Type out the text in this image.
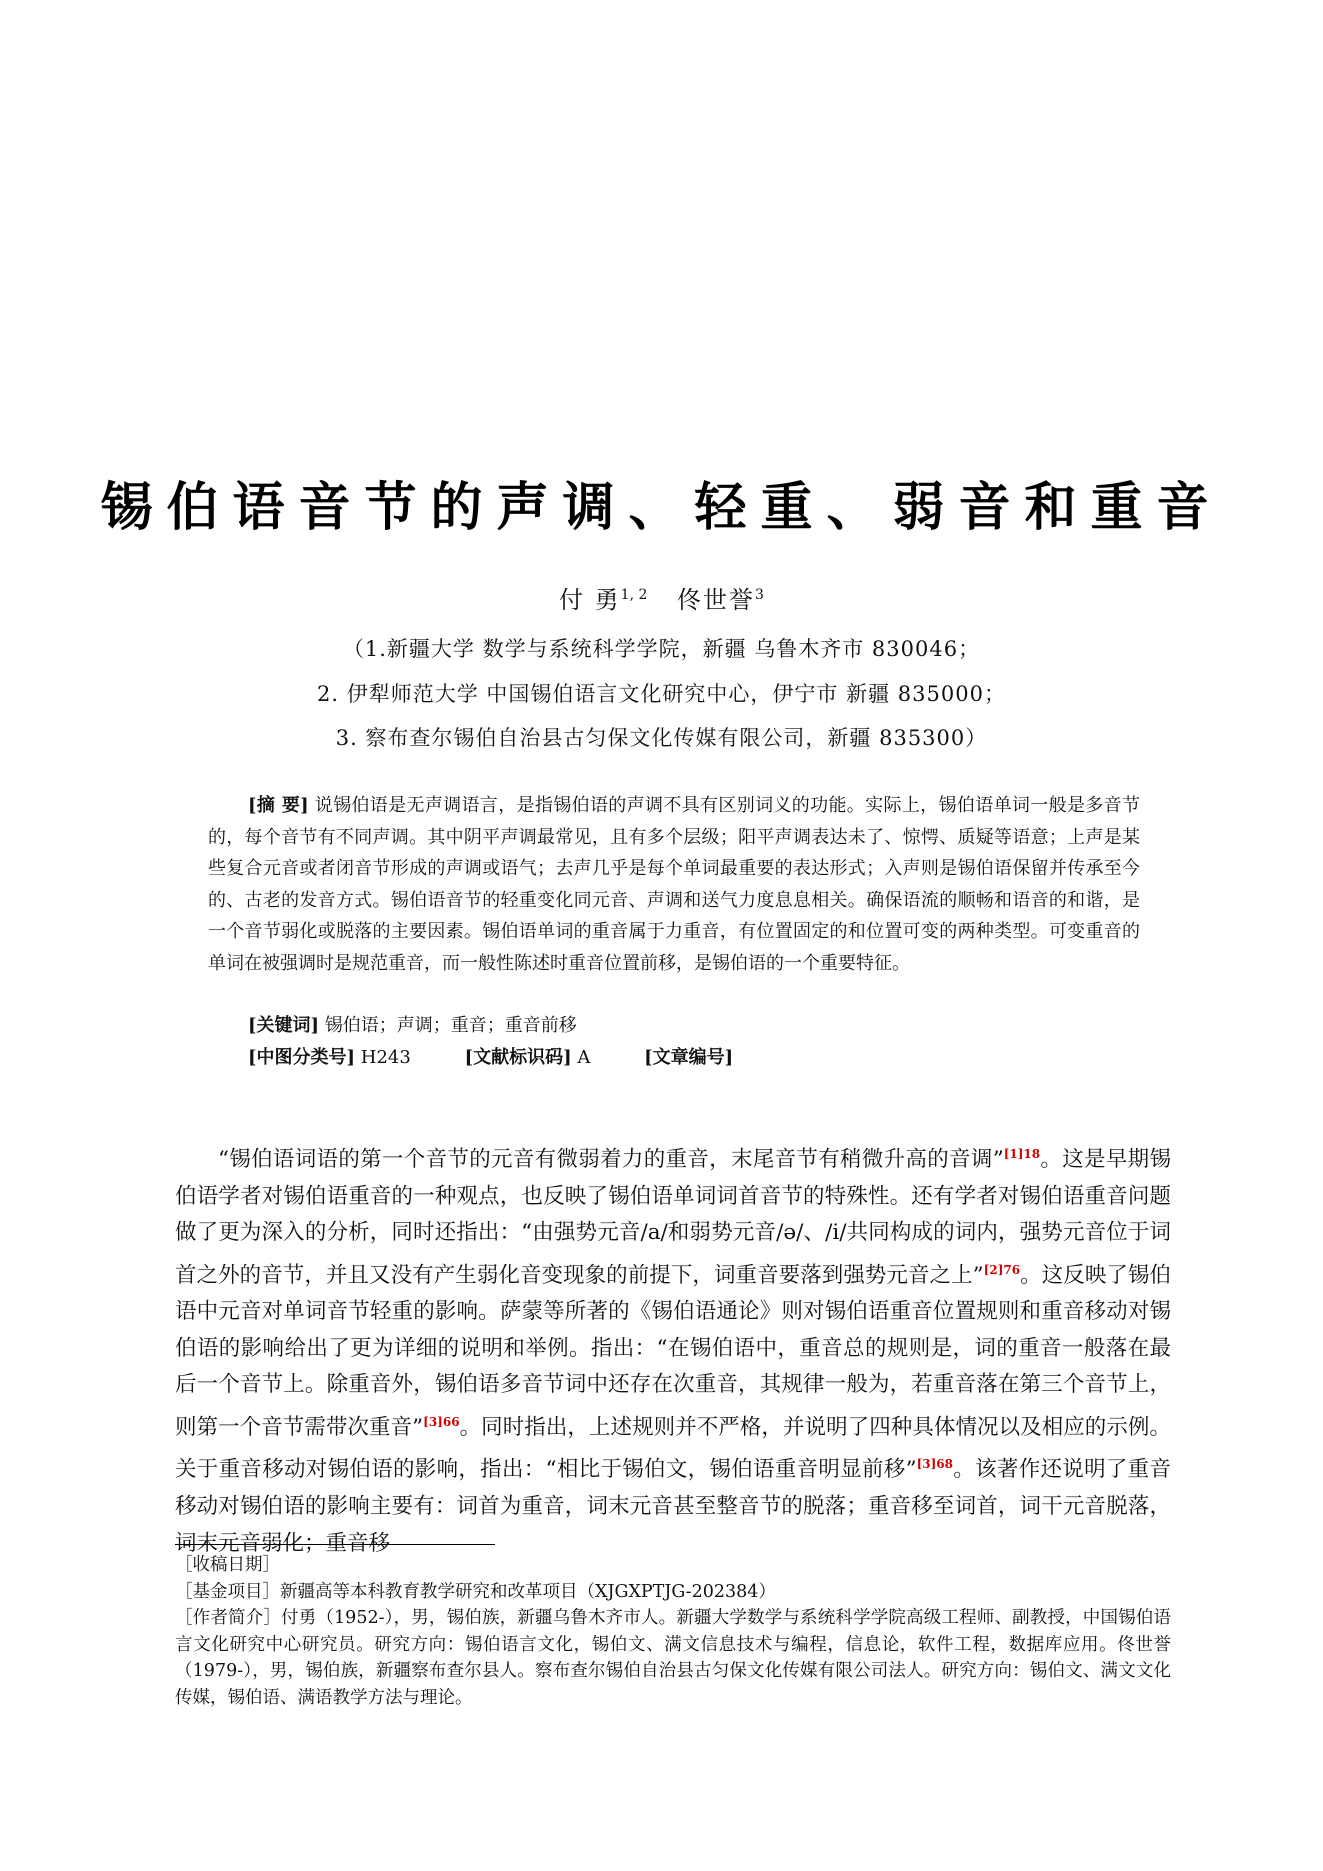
锡伯语音节的声调、轻重、弱音和重音
付 勇$^{1, 2}$ 佟世誉$^3$
（1.新疆大学 数学与系统科学学院，新疆 乌鲁木齐市 830046；
2. 伊犁师范大学 中国锡伯语言文化研究中心，伊宁市 新疆 835000；
3. 察布查尔锡伯自治县古匀保文化传媒有限公司，新疆 835300）
[摘 要] 说锡伯语是无声调语言，是指锡伯语的声调不具有区别词义的功能。实际上，锡伯语单词一般是多音节的，每个音节有不同声调。其中阴平声调最常见，且有多个层级；阳平声调表达未了、惊愕、质疑等语意；上声是某些复合元音或者闭音节形成的声调或语气；去声几乎是每个单词最重要的表达形式；入声则是锡伯语保留并传承至今的、古老的发音方式。锡伯语音节的轻重变化同元音、声调和送气力度息息相关。确保语流的顺畅和语音的和谐，是一个音节弱化或脱落的主要因素。锡伯语单词的重音属于力重音，有位置固定的和位置可变的两种类型。可变重音的单词在被强调时是规范重音，而一般性陈述时重音位置前移，是锡伯语的一个重要特征。
[关键词] 锡伯语；声调；重音；重音前移
[中图分类号] H243	[文献标识码] A	[文章编号]
“锡伯语词语的第一个音节的元音有微弱着力的重音，末尾音节有稍微升高的音调”$^{[1]18}$。这是早期锡伯语学者对锡伯语重音的一种观点，也反映了锡伯语单词词首音节的特殊性。还有学者对锡伯语重音问题做了更为深入的分析，同时还指出：“由强势元音/a/和弱势元音/ə/、/i/共同构成的词内，强势元音位于词首之外的音节，并且又没有产生弱化音变现象的前提下，词重音要落到强势元音之上”$^{[2]76}$。这反映了锡伯语中元音对单词音节轻重的影响。萨蒙等所著的《锡伯语通论》则对锡伯语重音位置规则和重音移动对锡伯语的影响给出了更为详细的说明和举例。指出：“在锡伯语中，重音总的规则是，词的重音一般落在最后一个音节上。除重音外，锡伯语多音节词中还存在次重音，其规律一般为，若重音落在第三个音节上，则第一个音节需带次重音”$^{[3]66}$。同时指出，上述规则并不严格，并说明了四种具体情况以及相应的示例。关于重音移动对锡伯语的影响，指出：“相比于锡伯文，锡伯语重音明显前移”$^{[3]68}$。该著作还说明了重音移动对锡伯语的影响主要有：词首为重音，词末元音甚至整音节的脱落；重音移至词首，词干元音脱落，词末元音弱化；重音移

［收稿日期］

［基金项目］新疆高等本科教育教学研究和改革项目（XJGXPTJG-202384）

［作者简介］付勇（1952-），男，锡伯族，新疆乌鲁木齐市人。新疆大学数学与系统科学学院高级工程师、副教授，中国锡伯语言文化研究中心研究员。研究方向：锡伯语言文化，锡伯文、满文信息技术与编程，信息论，软件工程，数据库应用。佟世誉（1979-），男，锡伯族，新疆察布查尔县人。察布查尔锡伯自治县古匀保文化传媒有限公司法人。研究方向：锡伯文、满文文化传媒，锡伯语、满语教学方法与理论。
